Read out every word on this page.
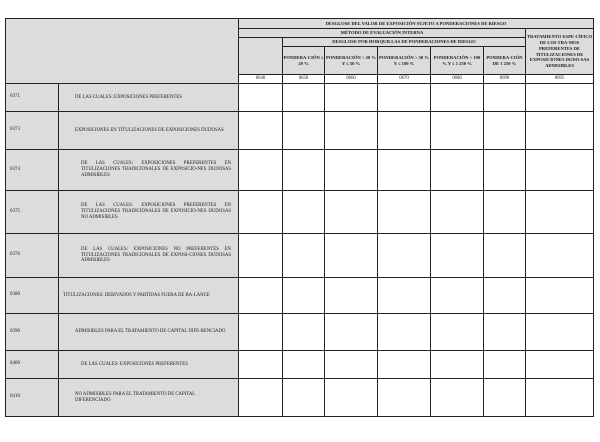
		DESGLOSE DEL VALOR DE EXPOSICIÓN SUJETO A PONDERACIONES DE RIESGO						
		MÉTODO DE EVALUACIÓN INTERNA						TRATAMIENTO ESPE-CÍFICO DE LOS TRA-MOS PREFERENTES DE TITULIZACIONES DE EXPOSICIONES DUDO-SAS ADMISIBLES
			DESGLOSE POR HORQUILLAS DE PONDERACIONES DE RIESGO					
			PONDERA-CIÓN ≤ 20 %	PONDERACIÓN > 20 % Y ≤ 50 %	PONDERACIÓN > 50 % Y ≤ 100 %	PONDERACIÓN > 100 % Y ≤ 1 250 %	PONDERA-CIÓN DE 1 250 %	
		0640	0650	0660	0670	0680	0690	0695
0371	DE LAS CUALES: EXPOSICIONES PREFERENTES							

0373	EXPOSICIONES EN TITULIZACIONES DE EXPOSICIONES DUDOSAS							

0374	DE LAS CUALES: EXPOSICIONES PREFERENTES EN TITULIZACIONES TRADICIONALES DE EXPOSICIO-NES DUDOSAS ADMISIBLES							

0375	DE LAS CUALES: EXPOSICIONES PREFERENTES EN TITULIZACIONES TRADICIONALES DE EXPOSICIO-NES DUDOSAS NO ADMISIBLES							

0376	DE LAS CUALES: EXPOSICIONES NO PREFERENTES EN TITULIZACIONES TRADICIONALES DE EXPOSI-CIONES DUDOSAS ADMISIBLES							

0380	TITULIZACIONES: DERIVADOS Y PARTIDAS FUERA DE BA-LANCE							

0390	ADMISIBLES PARA EL TRATAMIENTO DE CAPITAL DIFE-RENCIADO							

0400	DE LAS CUALES: EXPOSICIONES PREFERENTES							

0410	NO ADMISIBLES PARA EL TRATAMIENTO DE CAPITAL DIFERENCIADO							
